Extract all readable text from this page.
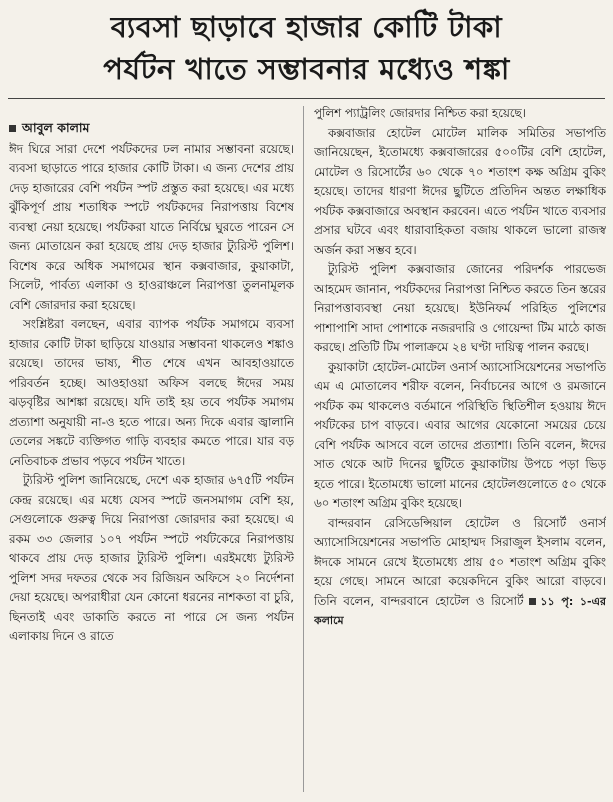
ব্যবসা ছাড়াবে হাজার কোটি টাকা
পর্যটন খাতে সম্ভাবনার মধ্যেও শঙ্কা
আবুল কালাম

ঈদ ঘিরে সারা দেশে পর্যটকদের ঢল নামার সম্ভাবনা রয়েছে। ব্যবসা ছাড়াতে পারে হাজার কোটি টাকা। এ জন্য দেশের প্রায় দেড় হাজারের বেশি পর্যটন স্পট প্রস্তুত করা হয়েছে। এর মধ্যে ঝুঁকিপূর্ণ প্রায় শতাধিক স্পটে পর্যটকদের নিরাপত্তায় বিশেষ ব্যবস্থা নেয়া হয়েছে। পর্যটকরা যাতে নির্বিঘ্নে ঘুরতে পারেন সে জন্য মোতায়েন করা হয়েছে প্রায় দেড় হাজার ট্যুরিস্ট পুলিশ। বিশেষ করে অধিক সমাগমের স্থান কক্সবাজার, কুয়াকাটা, সিলেট, পার্বত্য এলাকা ও হাওরাঞ্চলে নিরাপত্তা তুলনামূলক বেশি জোরদার করা হয়েছে।

সংশ্লিষ্টরা বলছেন, এবার ব্যাপক পর্যটক সমাগমে ব্যবসা হাজার কোটি টাকা ছাড়িয়ে যাওয়ার সম্ভাবনা থাকলেও শঙ্কাও রয়েছে। তাদের ভাষ্য, শীত শেষে এখন আবহাওয়াতে পরিবর্তন হচ্ছে। আওহাওয়া অফিস বলছে ঈদের সময় ঝড়বৃষ্টির আশঙ্কা রয়েছে। যদি তাই হয় তবে পর্যটক সমাগম প্রত্যাশা অনুযায়ী না-ও হতে পারে। অন্য দিকে এবার জ্বালানি তেলের সঙ্কটে ব্যক্তিগত গাড়ি ব্যবহার কমতে পারে। যার বড় নেতিবাচক প্রভাব পড়বে পর্যটন খাতে।

ট্যুরিস্ট পুলিশ জানিয়েছে, দেশে এক হাজার ৬৭৫টি পর্যটন কেন্দ্র রয়েছে। এর মধ্যে যেসব স্পটে জনসমাগম বেশি হয়, সেগুলোকে গুরুত্ব দিয়ে নিরাপত্তা জোরদার করা হয়েছে। এ রকম ৩৩ জেলার ১০৭ পর্যটন স্পটে পর্যটকেরে নিরাপত্তায় থাকবে প্রায় দেড় হাজার ট্যুরিস্ট পুলিশ। এরইমধ্যে ট্যুরিস্ট পুলিশ সদর দফতর থেকে সব রিজিয়ন অফিসে ২০ নির্দেশনা দেয়া হয়েছে। অপরাধীরা যেন কোনো ধরনের নাশকতা বা চুরি, ছিনতাই এবং ডাকাতি করতে না পারে সে জন্য পর্যটন এলাকায় দিনে ও রাতে

পুলিশ প্যাট্রলিং জোরদার নিশ্চিত করা হয়েছে।

কক্সবাজার হোটেল মোটেল মালিক সমিতির সভাপতি জানিয়েছেন, ইতোমধ্যে কক্সবাজারের ৫০০টির বেশি হোটেল, মোটেল ও রিসোর্টের ৬০ থেকে ৭০ শতাংশ কক্ষ অগ্রিম বুকিং হয়েছে। তাদের ধারণা ঈদের ছুটিতে প্রতিদিন অন্তত লক্ষাধিক পর্যটক কক্সবাজারে অবস্থান করবেন। এতে পর্যটন খাতে ব্যবসার প্রসার ঘটবে এবং ধারাবাহিকতা বজায় থাকলে ভালো রাজস্ব অর্জন করা সম্ভব হবে।

ট্যুরিস্ট পুলিশ কক্সবাজার জোনের পরিদর্শক পারভেজ আহমেদ জানান, পর্যটকদের নিরাপত্তা নিশ্চিত করতে তিন স্তরের নিরাপত্তাব্যবস্থা নেয়া হয়েছে। ইউনিফর্ম পরিহিত পুলিশের পাশাপাশি সাদা পোশাকে নজরদারি ও গোয়েন্দা টিম মাঠে কাজ করছে। প্রতিটি টিম পালাক্রমে ২৪ ঘণ্টা দায়িত্ব পালন করছে।

কুয়াকাটা হোটেল-মোটেল ওনার্স অ্যাসোসিয়েশনের সভাপতি এম এ মোতালেব শরীফ বলেন, নির্বাচনের আগে ও রমজানে পর্যটক কম থাকলেও বর্তমানে পরিস্থিতি স্থিতিশীল হওয়ায় ঈদে পর্যটকের চাপ বাড়বে। এবার আগের যেকোনো সময়ের চেয়ে বেশি পর্যটক আসবে বলে তাদের প্রত্যাশা। তিনি বলেন, ঈদের সাত থেকে আট দিনের ছুটিতে কুয়াকাটায় উপচে পড়া ভিড় হতে পারে। ইতোমধ্যে ভালো মানের হোটেলগুলোতে ৫০ থেকে ৬০ শতাংশ অগ্রিম বুকিং হয়েছে।

বান্দরবান রেসিডেন্সিয়াল হোটেল ও রিসোর্ট ওনার্স অ্যাসোসিয়েশনের সভাপতি মোহাম্মদ সিরাজুল ইসলাম বলেন, ঈদকে সামনে রেখে ইতোমধ্যে প্রায় ৫০ শতাংশ অগ্রিম বুকিং হয়ে গেছে। সামনে আরো কয়েকদিনে বুকিং আরো বাড়বে। তিনি বলেন, বান্দরবানে হোটেল ও রিসোর্ট ১১ পৃ: ১-এর কলামে
